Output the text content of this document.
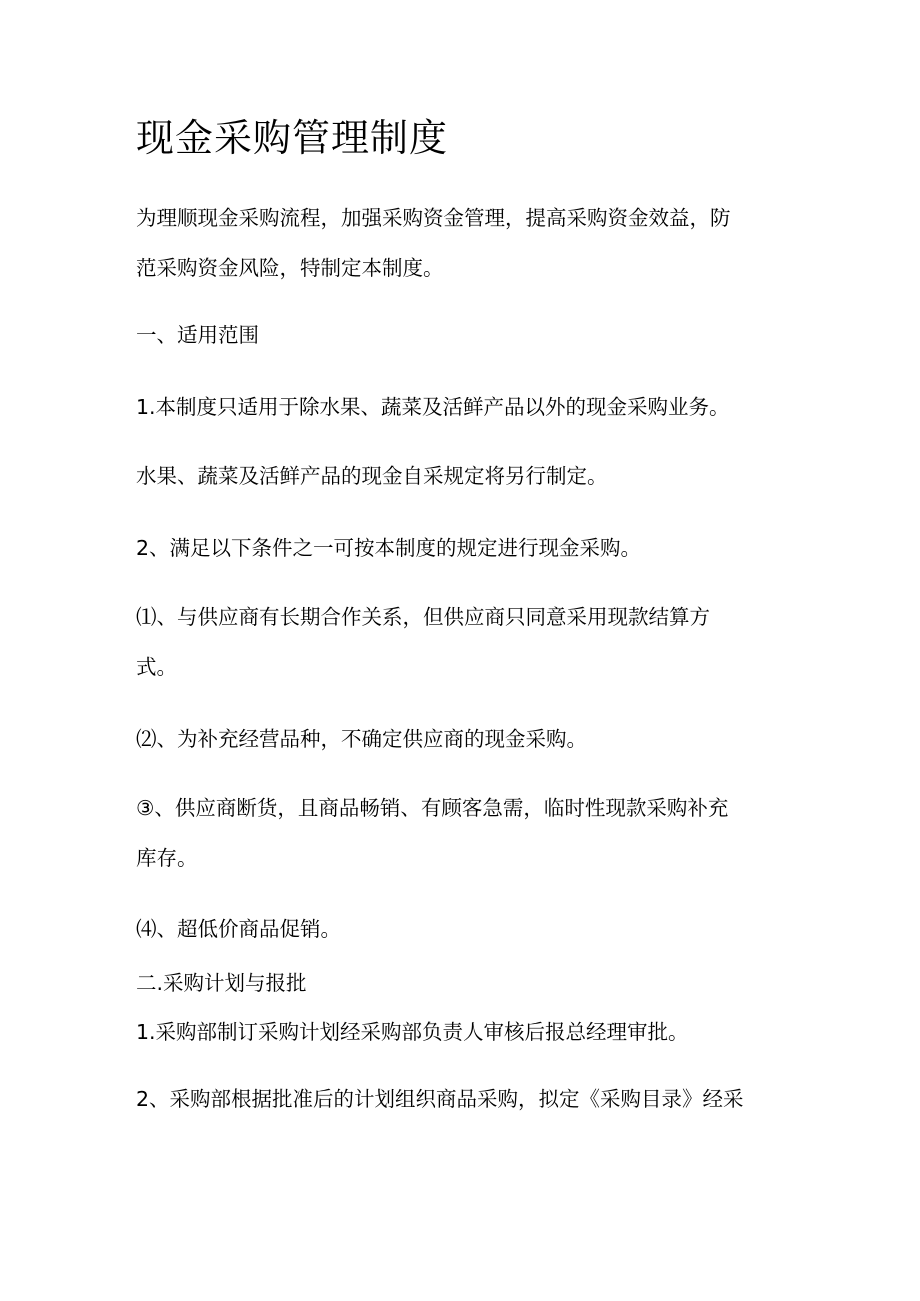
现金采购管理制度

为理顺现金采购流程，加强采购资金管理，提高采购资金效益，防

范采购资金风险，特制定本制度。

一、适用范围

1.本制度只适用于除水果、蔬菜及活鲜产品以外的现金采购业务。

水果、蔬菜及活鲜产品的现金自采规定将另行制定。

2、满足以下条件之一可按本制度的规定进行现金采购。

⑴、与供应商有长期合作关系，但供应商只同意采用现款结算方

式。

⑵、为补充经营品种，不确定供应商的现金采购。

③、供应商断货，且商品畅销、有顾客急需，临时性现款采购补充

库存。

⑷、超低价商品促销。

二.采购计划与报批

1.采购部制订采购计划经采购部负责人审核后报总经理审批。

2、采购部根据批准后的计划组织商品采购，拟定《采购目录》经采
